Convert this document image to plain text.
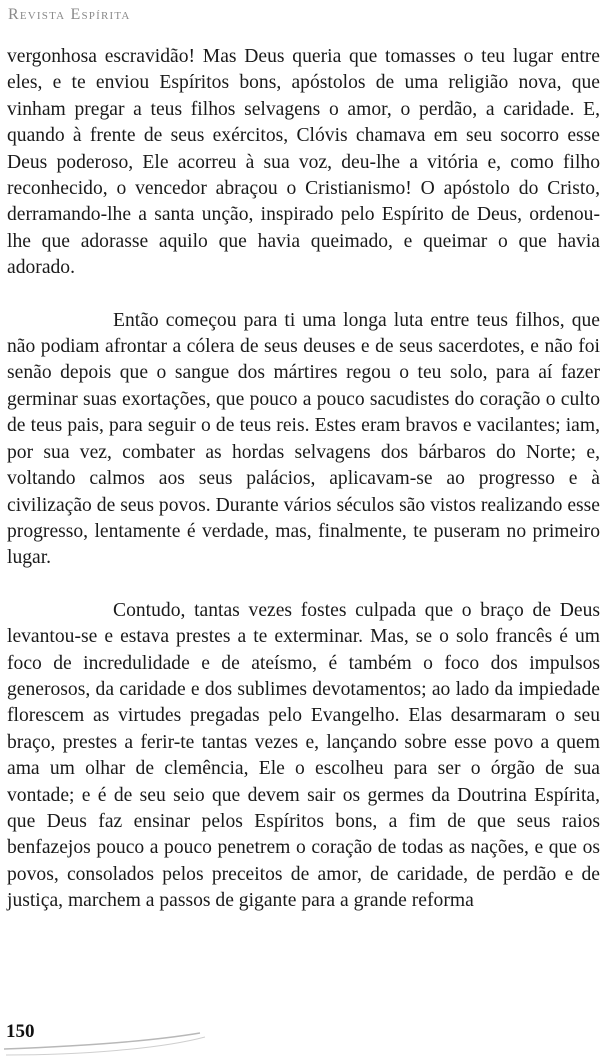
Revista Espírita

vergonhosa escravidão! Mas Deus queria que tomasses o teu lugar entre eles, e te enviou Espíritos bons, apóstolos de uma religião nova, que vinham pregar a teus filhos selvagens o amor, o perdão, a caridade. E, quando à frente de seus exércitos, Clóvis chamava em seu socorro esse Deus poderoso, Ele acorreu à sua voz, deu-lhe a vitória e, como filho reconhecido, o vencedor abraçou o Cristianismo! O apóstolo do Cristo, derramando-lhe a santa unção, inspirado pelo Espírito de Deus, ordenou-lhe que adorasse aquilo que havia queimado, e queimar o que havia adorado.

Então começou para ti uma longa luta entre teus filhos, que não podiam afrontar a cólera de seus deuses e de seus sacerdotes, e não foi senão depois que o sangue dos mártires regou o teu solo, para aí fazer germinar suas exortações, que pouco a pouco sacudistes do coração o culto de teus pais, para seguir o de teus reis. Estes eram bravos e vacilantes; iam, por sua vez, combater as hordas selvagens dos bárbaros do Norte; e, voltando calmos aos seus palácios, aplicavam-se ao progresso e à civilização de seus povos. Durante vários séculos são vistos realizando esse progresso, lentamente é verdade, mas, finalmente, te puseram no primeiro lugar.

Contudo, tantas vezes fostes culpada que o braço de Deus levantou-se e estava prestes a te exterminar. Mas, se o solo francês é um foco de incredulidade e de ateísmo, é também o foco dos impulsos generosos, da caridade e dos sublimes devotamentos; ao lado da impiedade florescem as virtudes pregadas pelo Evangelho. Elas desarmaram o seu braço, prestes a ferir-te tantas vezes e, lançando sobre esse povo a quem ama um olhar de clemência, Ele o escolheu para ser o órgão de sua vontade; e é de seu seio que devem sair os germes da Doutrina Espírita, que Deus faz ensinar pelos Espíritos bons, a fim de que seus raios benfazejos pouco a pouco penetrem o coração de todas as nações, e que os povos, consolados pelos preceitos de amor, de caridade, de perdão e de justiça, marchem a passos de gigante para a grande reforma

150
